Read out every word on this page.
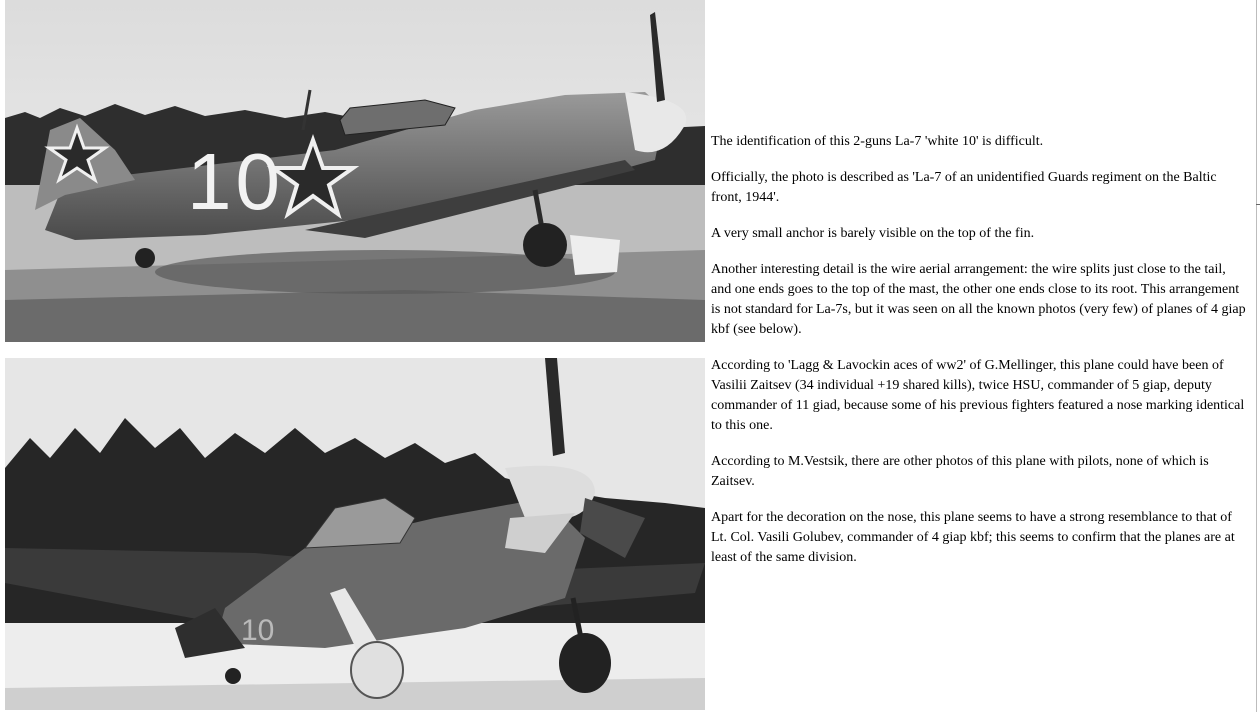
10
10

The identification of this 2-guns La-7 'white 10' is difficult.

Officially, the photo is described as 'La-7 of an unidentified Guards regiment on the Baltic front, 1944'.

A very small anchor is barely visible on the top of the fin.

Another interesting detail is the wire aerial arrangement: the wire splits just close to the tail, and one ends goes to the top of the mast, the other one ends close to its root. This arrangement is not standard for La-7s, but it was seen on all the known photos (very few) of planes of 4 giap kbf (see below).

According to 'Lagg & Lavockin aces of ww2' of G.Mellinger, this plane could have been of Vasilii Zaitsev (34 individual +19 shared kills), twice HSU, commander of 5 giap, deputy commander of 11 giad, because some of his previous fighters featured a nose marking identical to this one.

According to M.Vestsik, there are other photos of this plane with pilots, none of which is Zaitsev.

Apart for the decoration on the nose, this plane seems to have a strong resemblance to that of Lt. Col. Vasili Golubev, commander of 4 giap kbf; this seems to confirm that the planes are at least of the same division.
